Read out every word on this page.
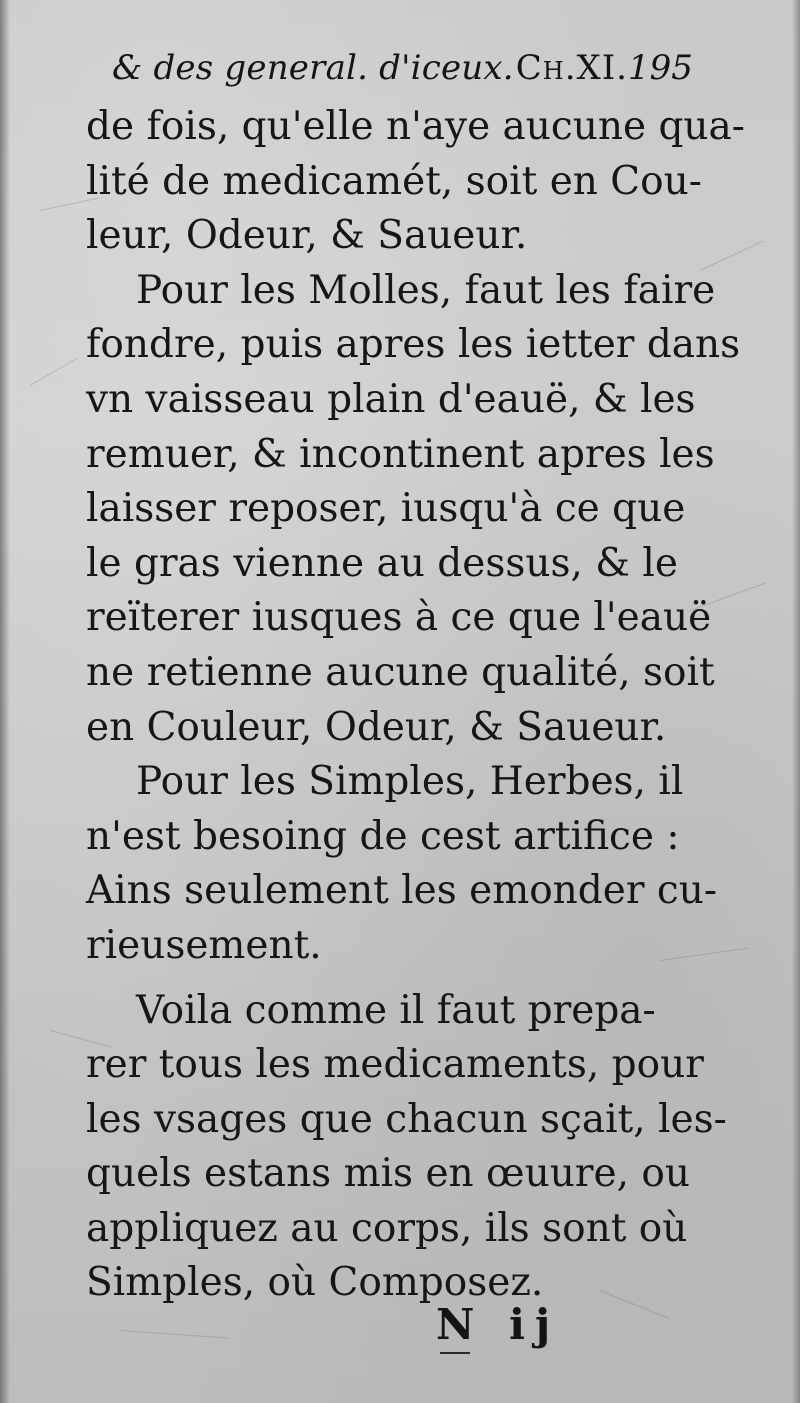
& des general. d'iceux. Ch.XI. 195
de fois, qu'elle n'aye aucune qua-
lité de medicamét, soit en Cou-
leur, Odeur, & Saueur.
Pour les Molles, faut les faire
fondre, puis apres les ietter dans
vn vaisseau plain d'eauë, & les
remuer, & incontinent apres les
laisser reposer, iusqu'à ce que
le gras vienne au dessus, & le
reïterer iusques à ce que l'eauë
ne retienne aucune qualité, soit
en Couleur, Odeur, & Saueur.
Pour les Simples, Herbes, il
n'est besoing de cest artifice :
Ains seulement les emonder cu-
rieusement.
Voila comme il faut prepa-
rer tous les medicaments, pour
les vsages que chacun sçait, les-
quels estans mis en œuure, ou
appliquez au corps, ils sont où
Simples, où Composez.
N ij
